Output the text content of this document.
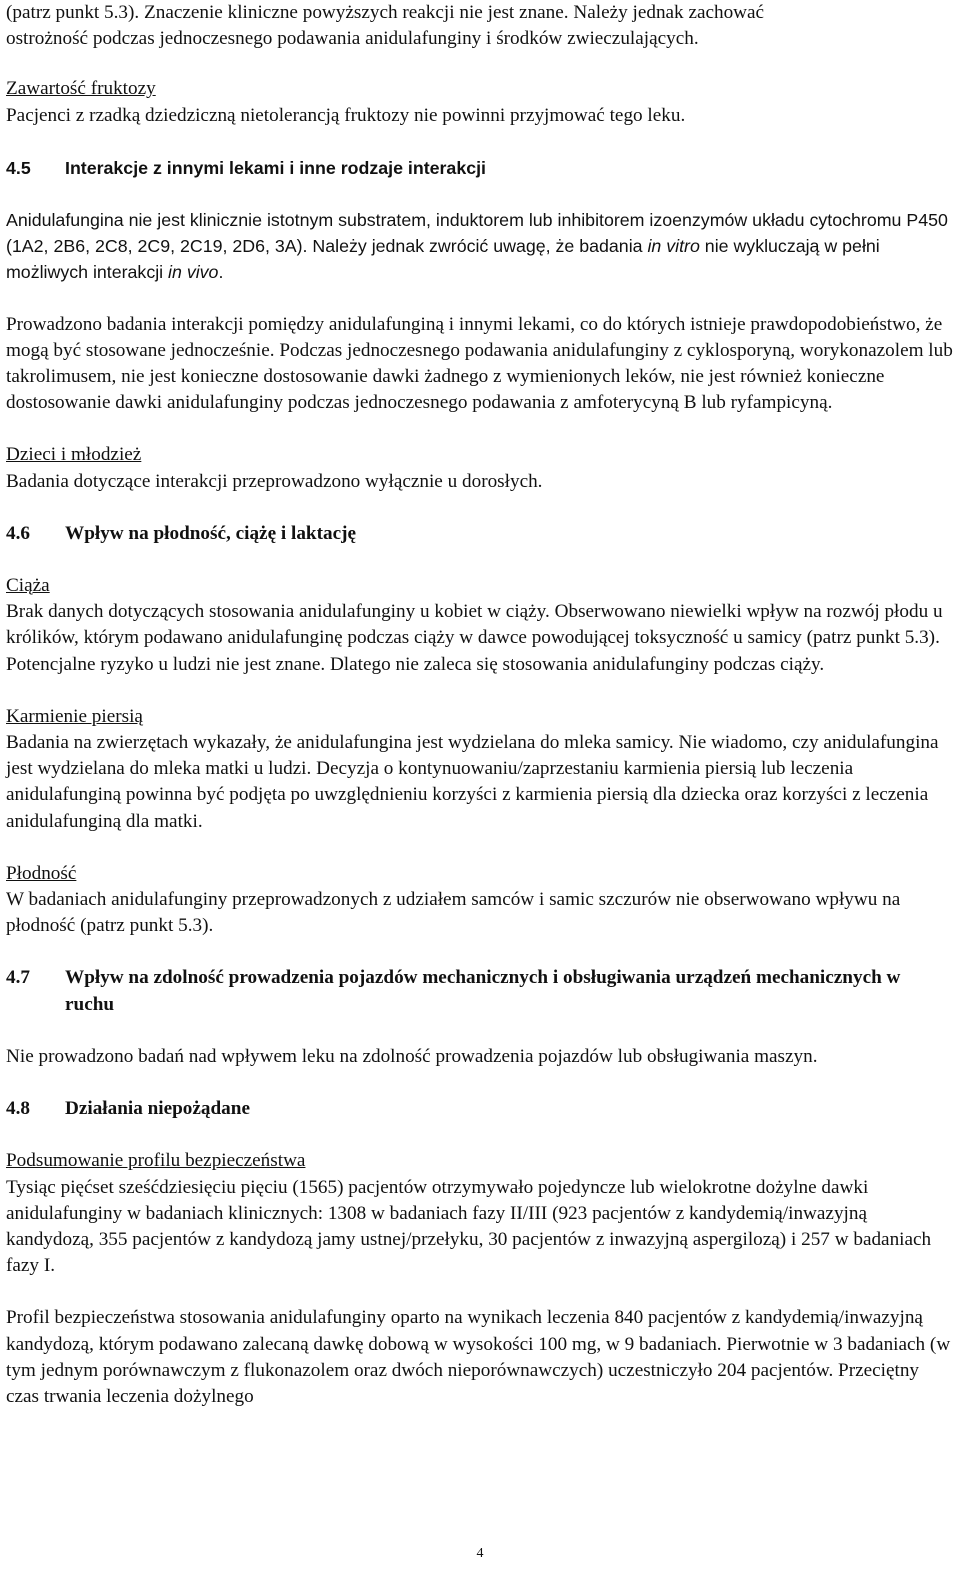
(patrz punkt 5.3). Znaczenie kliniczne powyższych reakcji nie jest znane. Należy jednak zachować
ostrożność podczas jednoczesnego podawania anidulafunginy i środków zwieczulających.

Zawartość fruktozy
Pacjenci z rzadką dziedziczną nietolerancją fruktozy nie powinni przyjmować tego leku.

4.5	Interakcje z innymi lekami i inne rodzaje interakcji

Anidulafungina nie jest klinicznie istotnym substratem, induktorem lub inhibitorem izoenzymów układu cytochromu P450 (1A2, 2B6, 2C8, 2C9, 2C19, 2D6, 3A). Należy jednak zwrócić uwagę, że badania in vitro nie wykluczają w pełni możliwych interakcji in vivo.

Prowadzono badania interakcji pomiędzy anidulafunginą i innymi lekami, co do których istnieje prawdopodobieństwo, że mogą być stosowane jednocześnie. Podczas jednoczesnego podawania anidulafunginy z cyklosporyną, worykonazolem lub takrolimusem, nie jest konieczne dostosowanie dawki żadnego z wymienionych leków, nie jest również konieczne dostosowanie dawki anidulafunginy podczas jednoczesnego podawania z amfoterycyną B lub ryfampicyną.

Dzieci i młodzież
Badania dotyczące interakcji przeprowadzono wyłącznie u dorosłych.

4.6	Wpływ na płodność, ciążę i laktację

Ciąża
Brak danych dotyczących stosowania anidulafunginy u kobiet w ciąży. Obserwowano niewielki wpływ na rozwój płodu u królików, którym podawano anidulafunginę podczas ciąży w dawce powodującej toksyczność u samicy (patrz punkt 5.3). Potencjalne ryzyko u ludzi nie jest znane. Dlatego nie zaleca się stosowania anidulafunginy podczas ciąży.

Karmienie piersią
Badania na zwierzętach wykazały, że anidulafungina jest wydzielana do mleka samicy. Nie wiadomo, czy anidulafungina jest wydzielana do mleka matki u ludzi. Decyzja o kontynuowaniu/zaprzestaniu karmienia piersią lub leczenia anidulafunginą powinna być podjęta po uwzględnieniu korzyści z karmienia piersią dla dziecka oraz korzyści z leczenia anidulafunginą dla matki.

Płodność
W badaniach anidulafunginy przeprowadzonych z udziałem samców i samic szczurów nie obserwowano wpływu na płodność (patrz punkt 5.3).

4.7	Wpływ na zdolność prowadzenia pojazdów mechanicznych i obsługiwania urządzeń mechanicznych w ruchu

Nie prowadzono badań nad wpływem leku na zdolność prowadzenia pojazdów lub obsługiwania maszyn.

4.8	Działania niepożądane

Podsumowanie profilu bezpieczeństwa
Tysiąc pięćset sześćdziesięciu pięciu (1565) pacjentów otrzymywało pojedyncze lub wielokrotne dożylne dawki anidulafunginy w badaniach klinicznych: 1308 w badaniach fazy II/III (923 pacjentów z kandydemią/inwazyjną kandydozą, 355 pacjentów z kandydozą jamy ustnej/przełyku, 30 pacjentów z inwazyjną aspergilozą) i 257 w badaniach fazy I.

Profil bezpieczeństwa stosowania anidulafunginy oparto na wynikach leczenia 840 pacjentów z kandydemią/inwazyjną kandydozą, którym podawano zalecaną dawkę dobową w wysokości 100 mg, w 9 badaniach. Pierwotnie w 3 badaniach (w tym jednym porównawczym z flukonazolem oraz dwóch nieporównawczych) uczestniczyło 204 pacjentów. Przeciętny czas trwania leczenia dożylnego

4
